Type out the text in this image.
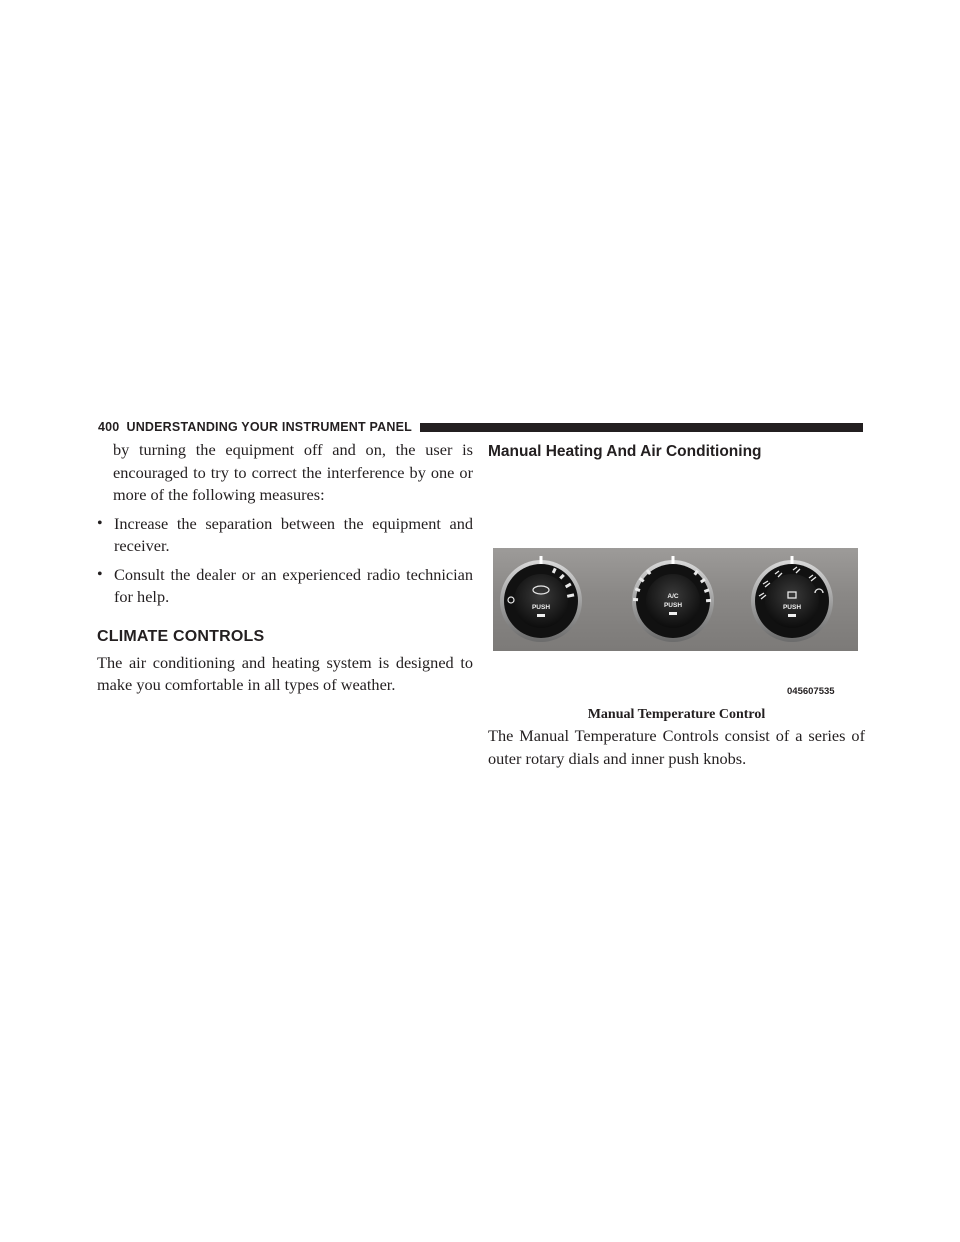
400 UNDERSTANDING YOUR INSTRUMENT PANEL

by turning the equipment off and on, the user is
encouraged to try to correct the interference by one or
more of the following measures:

• Increase the separation between the equipment and
receiver.
• Consult the dealer or an experienced radio technician
for help.
CLIMATE CONTROLS

The air conditioning and heating system is designed to
make you comfortable in all types of weather.

Manual Heating And Air Conditioning
PUSH
A/C
PUSH	PUSH
045607535
Manual Temperature Control

The Manual Temperature Controls consist of a series of
outer rotary dials and inner push knobs.
